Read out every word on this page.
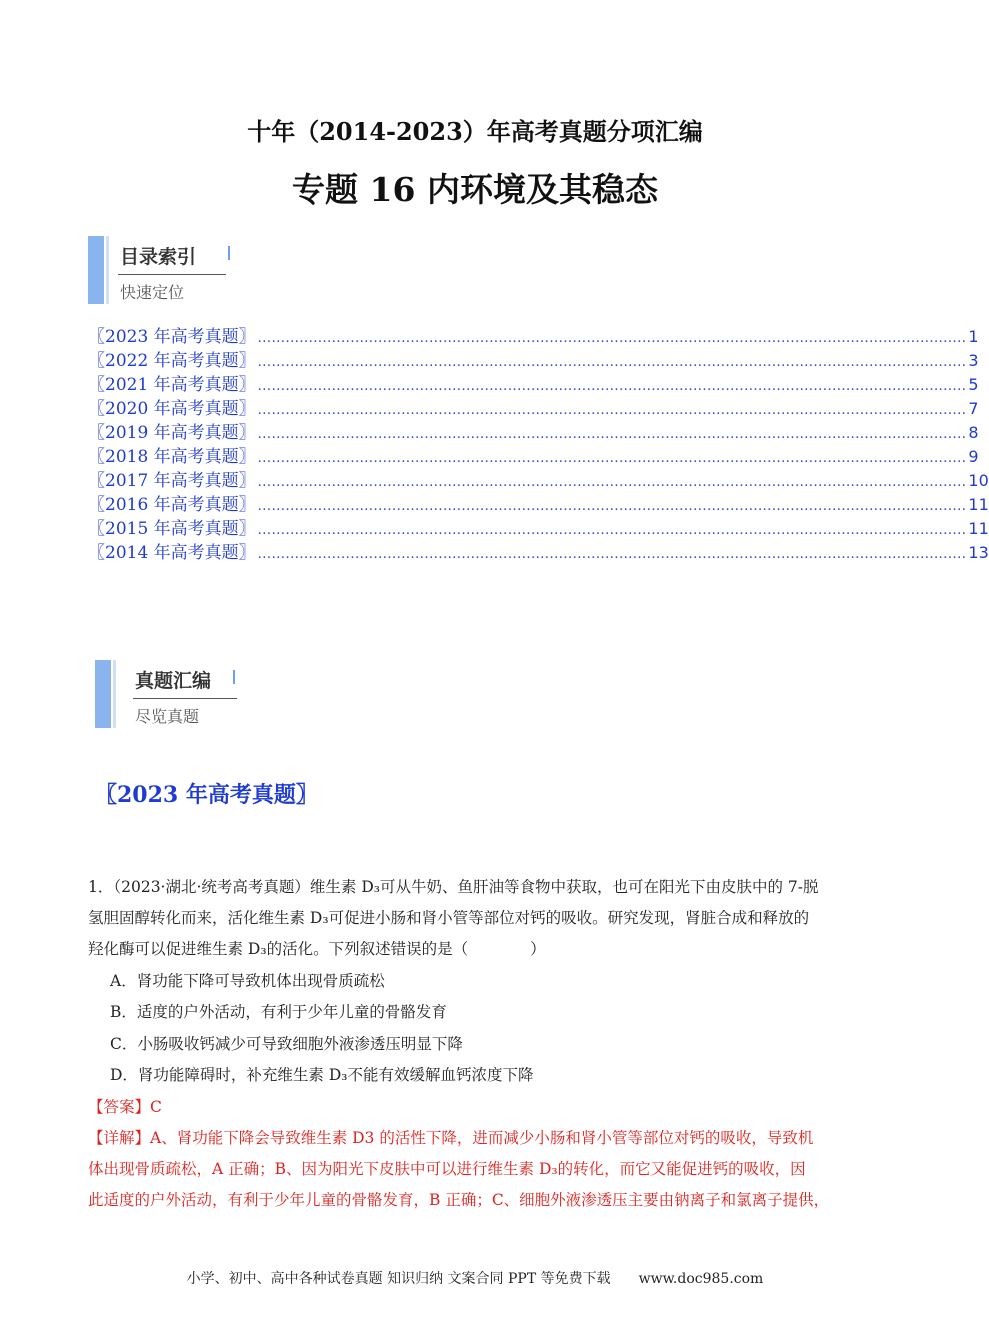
十年（2014-2023）年高考真题分项汇编
专题 16 内环境及其稳态
目录索引
快速定位
〖2023 年高考真题〗 ......................................................................................................................................................... 1
〖2022 年高考真题〗 ......................................................................................................................................................... 3
〖2021 年高考真题〗 ......................................................................................................................................................... 5
〖2020 年高考真题〗 ......................................................................................................................................................... 7
〖2019 年高考真题〗 ......................................................................................................................................................... 8
〖2018 年高考真题〗 ......................................................................................................................................................... 9
〖2017 年高考真题〗 ......................................................................................................................................................... 10
〖2016 年高考真题〗 ......................................................................................................................................................... 11
〖2015 年高考真题〗 ......................................................................................................................................................... 11
〖2014 年高考真题〗 ......................................................................................................................................................... 13
真题汇编
尽览真题
〖2023 年高考真题〗
1．（2023·湖北·统考高考真题）维生素 D₃可从牛奶、鱼肝油等食物中获取，也可在阳光下由皮肤中的 7-脱
氢胆固醇转化而来，活化维生素 D₃可促进小肠和肾小管等部位对钙的吸收。研究发现，肾脏合成和释放的
羟化酶可以促进维生素 D₃的活化。下列叙述错误的是（　　　　）
A．肾功能下降可导致机体出现骨质疏松
B．适度的户外活动，有利于少年儿童的骨骼发育
C．小肠吸收钙减少可导致细胞外液渗透压明显下降
D．肾功能障碍时，补充维生素 D₃不能有效缓解血钙浓度下降
【答案】C
【详解】A、肾功能下降会导致维生素 D3 的活性下降，进而减少小肠和肾小管等部位对钙的吸收，导致机
体出现骨质疏松，A 正确；B、因为阳光下皮肤中可以进行维生素 D₃的转化，而它又能促进钙的吸收，因
此适度的户外活动，有利于少年儿童的骨骼发育，B 正确；C、细胞外液渗透压主要由钠离子和氯离子提供，
小学、初中、高中各种试卷真题 知识归纳 文案合同 PPT 等免费下载　　www.doc985.com
